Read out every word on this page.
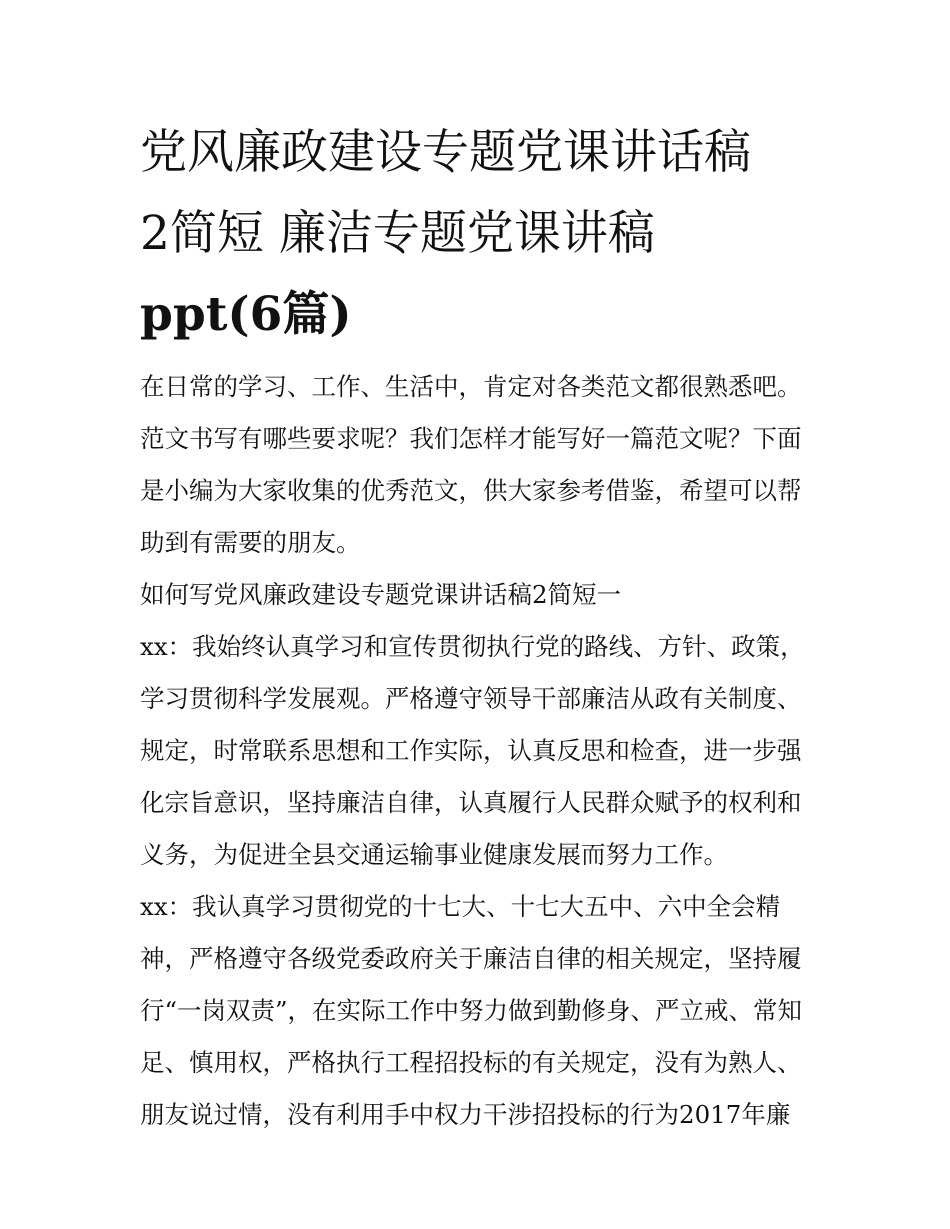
党风廉政建设专题党课讲话稿
2简短 廉洁专题党课讲稿
ppt(6篇)

在日常的学习、工作、生活中，肯定对各类范文都很熟悉吧。
范文书写有哪些要求呢？我们怎样才能写好一篇范文呢？下面
是小编为大家收集的优秀范文，供大家参考借鉴，希望可以帮
助到有需要的朋友。

如何写党风廉政建设专题党课讲话稿2简短一

xx：我始终认真学习和宣传贯彻执行党的路线、方针、政策，
学习贯彻科学发展观。严格遵守领导干部廉洁从政有关制度、
规定，时常联系思想和工作实际，认真反思和检查，进一步强
化宗旨意识，坚持廉洁自律，认真履行人民群众赋予的权利和
义务，为促进全县交通运输事业健康发展而努力工作。

xx：我认真学习贯彻党的十七大、十七大五中、六中全会精
神，严格遵守各级党委政府关于廉洁自律的相关规定，坚持履
行“一岗双责”，在实际工作中努力做到勤修身、严立戒、常知
足、慎用权，严格执行工程招投标的有关规定，没有为熟人、
朋友说过情，没有利用手中权力干涉招投标的行为2017年廉
